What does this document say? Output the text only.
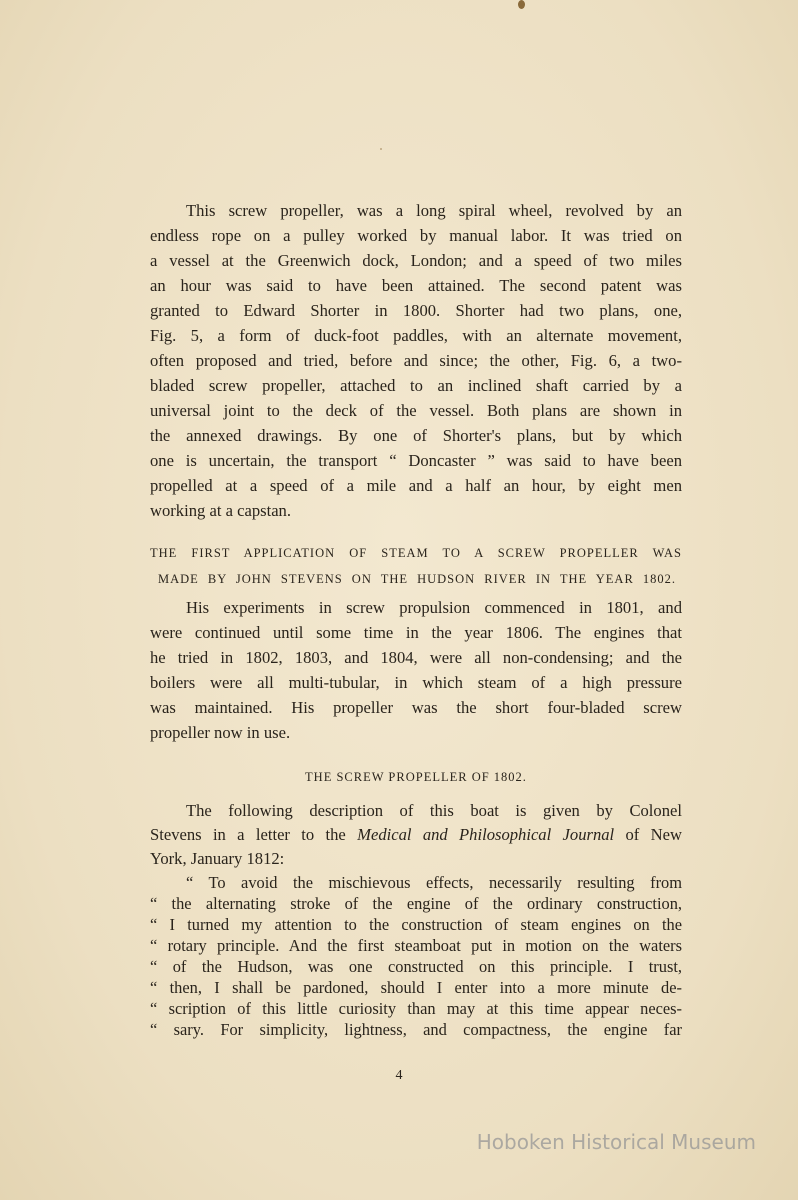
This screw propeller, was a long spiral wheel, revolved by an

endless rope on a pulley worked by manual labor. It was tried on

a vessel at the Greenwich dock, London; and a speed of two miles

an hour was said to have been attained. The second patent was

granted to Edward Shorter in 1800. Shorter had two plans, one,

Fig. 5, a form of duck-foot paddles, with an alternate movement,

often proposed and tried, before and since; the other, Fig. 6, a two-

bladed screw propeller, attached to an inclined shaft carried by a

universal joint to the deck of the vessel. Both plans are shown in

the annexed drawings. By one of Shorter's plans, but by which

one is uncertain, the transport “ Doncaster ” was said to have been

propelled at a speed of a mile and a half an hour, by eight men

working at a capstan.

THE FIRST APPLICATION OF STEAM TO A SCREW PROPELLER WAS

MADE BY JOHN STEVENS ON THE HUDSON RIVER IN THE YEAR 1802.

His experiments in screw propulsion commenced in 1801, and

were continued until some time in the year 1806. The engines that

he tried in 1802, 1803, and 1804, were all non-condensing; and the

boilers were all multi-tubular, in which steam of a high pressure

was maintained. His propeller was the short four-bladed screw

propeller now in use.

THE SCREW PROPELLER OF 1802.

The following description of this boat is given by Colonel

Stevens in a letter to the Medical and Philosophical Journal of New

York, January 1812:

“ To avoid the mischievous effects, necessarily resulting from

“ the alternating stroke of the engine of the ordinary construction,

“ I turned my attention to the construction of steam engines on the

“ rotary principle. And the first steamboat put in motion on the waters

“ of the Hudson, was one constructed on this principle. I trust,

“ then, I shall be pardoned, should I enter into a more minute de-

“ scription of this little curiosity than may at this time appear neces-

“ sary. For simplicity, lightness, and compactness, the engine far

4
Hoboken Historical Museum
